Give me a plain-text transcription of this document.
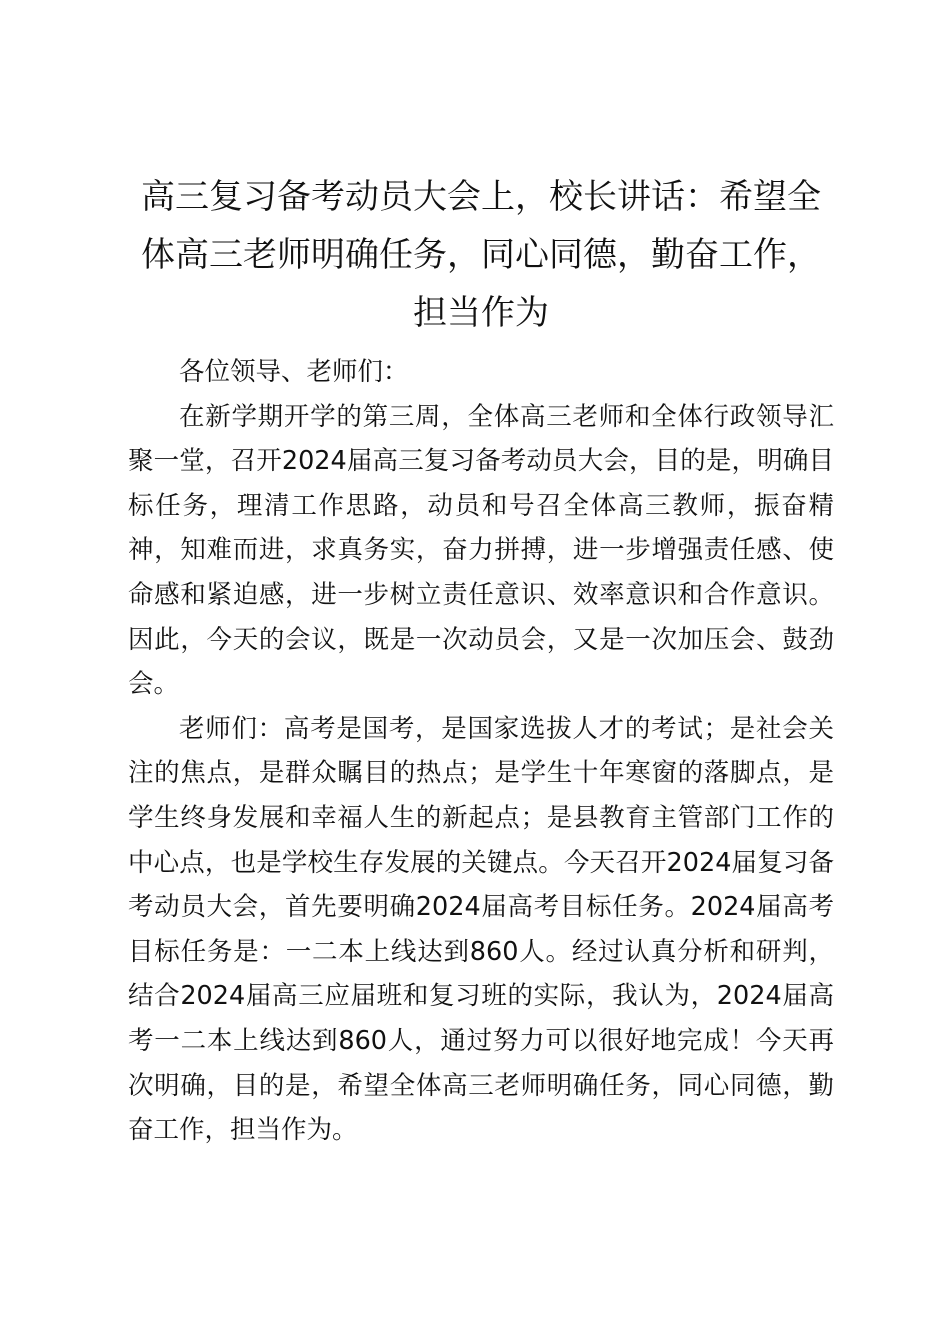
高三复习备考动员大会上，校长讲话：希望全体高三老师明确任务，同心同德，勤奋工作，担当作为

各位领导、老师们：

在新学期开学的第三周，全体高三老师和全体行政领导汇聚一堂，召开2024届高三复习备考动员大会，目的是，明确目标任务，理清工作思路，动员和号召全体高三教师，振奋精神，知难而进，求真务实，奋力拼搏，进一步增强责任感、使命感和紧迫感，进一步树立责任意识、效率意识和合作意识。因此，今天的会议，既是一次动员会，又是一次加压会、鼓劲会。

老师们：高考是国考，是国家选拔人才的考试；是社会关注的焦点，是群众瞩目的热点；是学生十年寒窗的落脚点，是学生终身发展和幸福人生的新起点；是县教育主管部门工作的中心点，也是学校生存发展的关键点。今天召开2024届复习备考动员大会，首先要明确2024届高考目标任务。2024届高考目标任务是：一二本上线达到860人。经过认真分析和研判，结合2024届高三应届班和复习班的实际，我认为，2024届高考一二本上线达到860人，通过努力可以很好地完成！今天再次明确，目的是，希望全体高三老师明确任务，同心同德，勤奋工作，担当作为。
